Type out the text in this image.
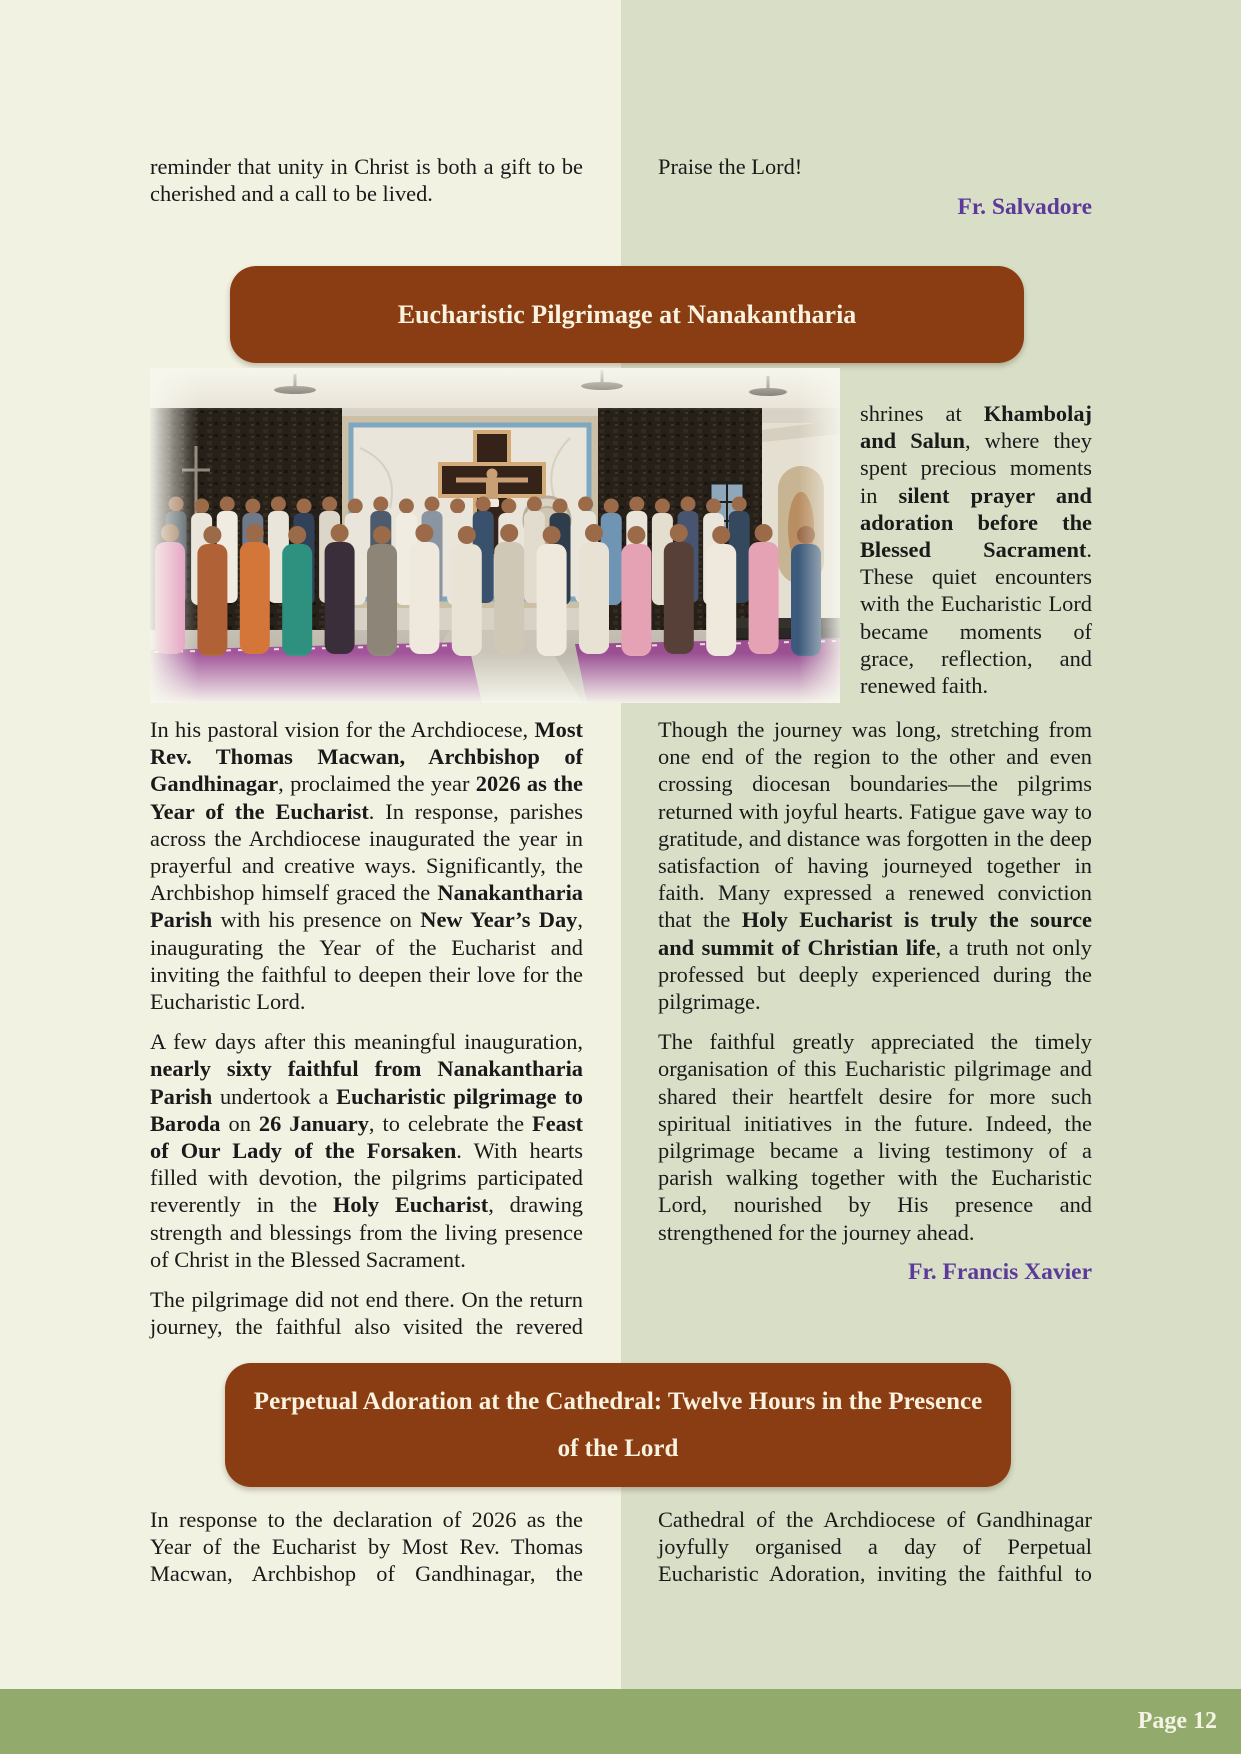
reminder that unity in Christ is both a gift to be cherished and a call to be lived.
Praise the Lord!
Fr. Salvadore
Eucharistic Pilgrimage at Nanakantharia
shrines at Khambolaj and Salun, where they spent precious moments in silent prayer and adoration before the Blessed Sacrament. These quiet encounters with the Eucharistic Lord became moments of grace, reflection, and renewed faith.

In his pastoral vision for the Archdiocese, Most Rev. Thomas Macwan, Archbishop of Gandhinagar, proclaimed the year 2026 as the Year of the Eucharist. In response, parishes across the Archdiocese inaugurated the year in prayerful and creative ways. Significantly, the Archbishop himself graced the Nanakantharia Parish with his presence on New Year’s Day, inaugurating the Year of the Eucharist and inviting the faithful to deepen their love for the Eucharistic Lord.

A few days after this meaningful inauguration, nearly sixty faithful from Nanakantharia Parish undertook a Eucharistic pilgrimage to Baroda on 26 January, to celebrate the Feast of Our Lady of the Forsaken. With hearts filled with devotion, the pilgrims participated reverently in the Holy Eucharist, drawing strength and blessings from the living presence of Christ in the Blessed Sacrament.

The pilgrimage did not end there. On the return journey, the faithful also visited the revered

Though the journey was long, stretching from one end of the region to the other and even crossing diocesan boundaries—the pilgrims returned with joyful hearts. Fatigue gave way to gratitude, and distance was forgotten in the deep satisfaction of having journeyed together in faith. Many expressed a renewed conviction that the Holy Eucharist is truly the source and summit of Christian life, a truth not only professed but deeply experienced during the pilgrimage.

The faithful greatly appreciated the timely organisation of this Eucharistic pilgrimage and shared their heartfelt desire for more such spiritual initiatives in the future. Indeed, the pilgrimage became a living testimony of a parish walking together with the Eucharistic Lord, nourished by His presence and strengthened for the journey ahead.

Fr. Francis Xavier
Perpetual Adoration at the Cathedral: Twelve Hours in the Presence
of the Lord
In response to the declaration of 2026 as the Year of the Eucharist by Most Rev. Thomas Macwan, Archbishop of Gandhinagar, the
Cathedral of the Archdiocese of Gandhinagar joyfully organised a day of Perpetual Eucharistic Adoration, inviting the faithful to
Page 12
